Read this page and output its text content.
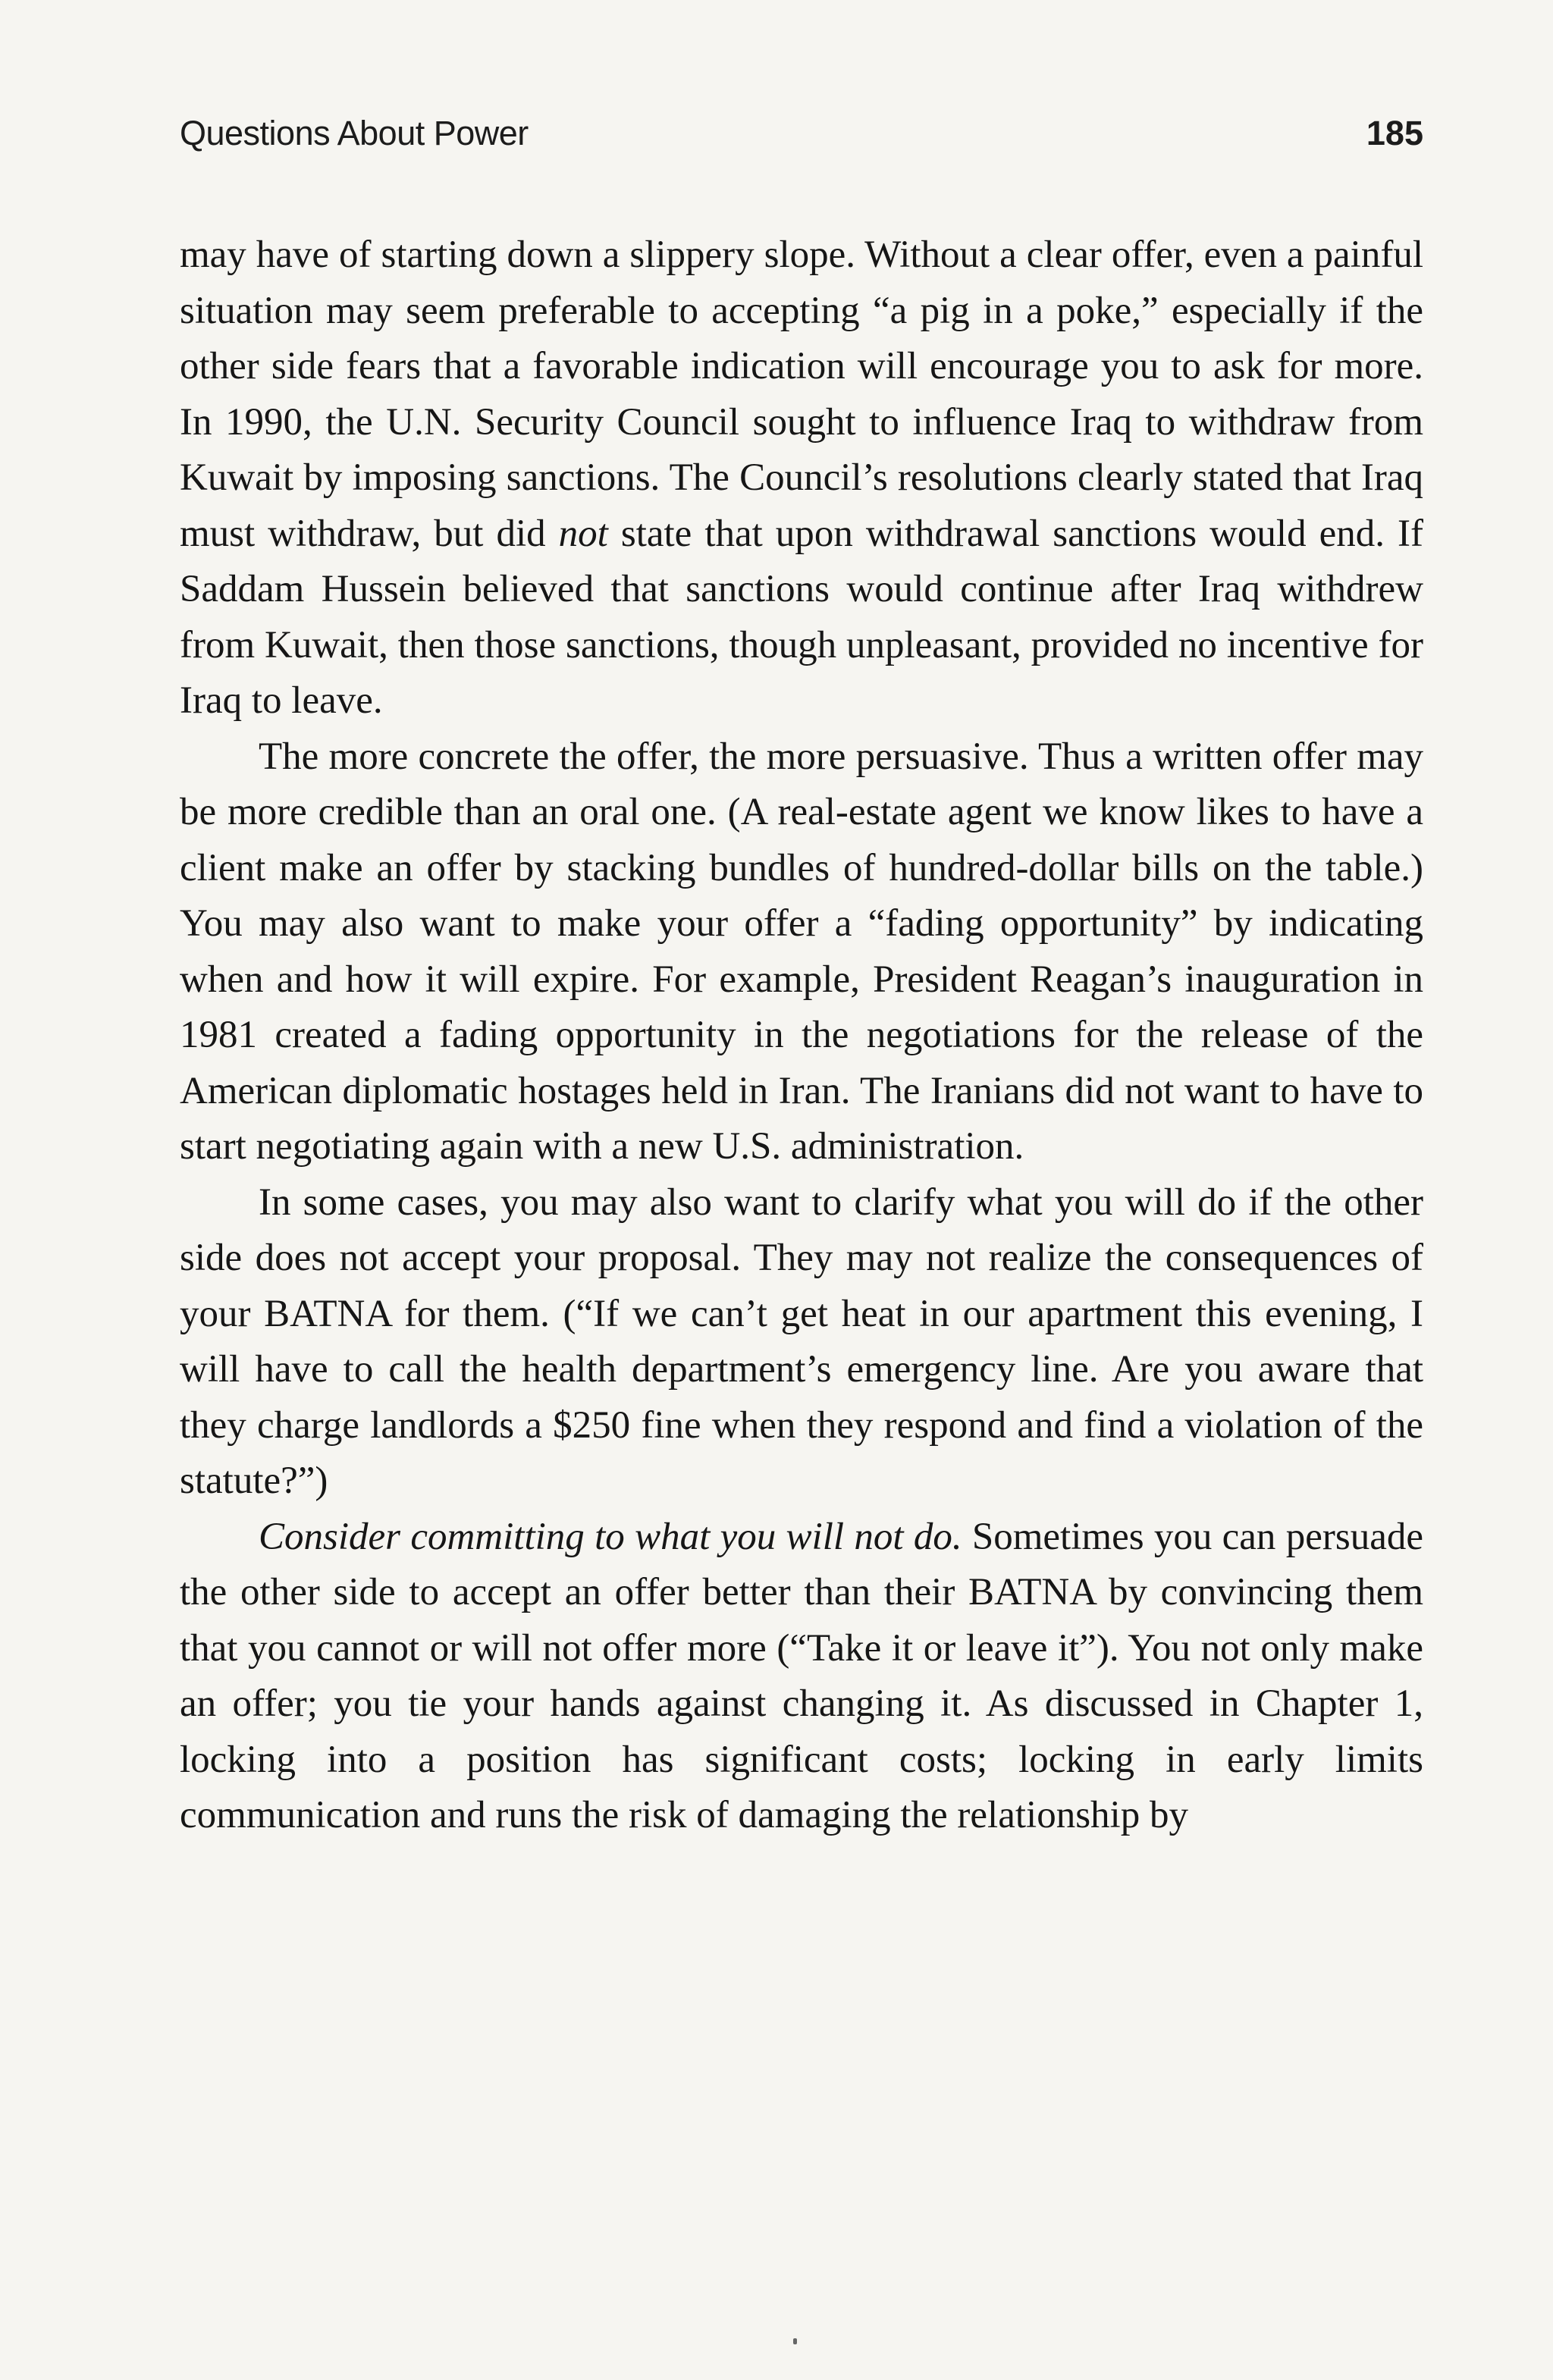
Questions About Power	185

may have of starting down a slippery slope. Without a clear offer, even a painful situation may seem preferable to accepting “a pig in a poke,” especially if the other side fears that a favorable indication will encourage you to ask for more. In 1990, the U.N. Security Council sought to influence Iraq to withdraw from Kuwait by imposing sanctions. The Council’s resolutions clearly stated that Iraq must withdraw, but did not state that upon withdrawal sanctions would end. If Saddam Hussein believed that sanctions would continue after Iraq withdrew from Kuwait, then those sanctions, though unpleasant, provided no incentive for Iraq to leave.

The more concrete the offer, the more persuasive. Thus a written offer may be more credible than an oral one. (A real-estate agent we know likes to have a client make an offer by stacking bundles of hundred-dollar bills on the table.) You may also want to make your offer a “fading opportunity” by indicating when and how it will expire. For example, President Reagan’s inauguration in 1981 created a fading opportunity in the negotiations for the release of the American diplomatic hostages held in Iran. The Iranians did not want to have to start negotiating again with a new U.S. administration.

In some cases, you may also want to clarify what you will do if the other side does not accept your proposal. They may not realize the consequences of your BATNA for them. (“If we can’t get heat in our apartment this evening, I will have to call the health department’s emergency line. Are you aware that they charge landlords a $250 fine when they respond and find a violation of the statute?”)

Consider committing to what you will not do. Sometimes you can persuade the other side to accept an offer better than their BATNA by convincing them that you cannot or will not offer more (“Take it or leave it”). You not only make an offer; you tie your hands against changing it. As discussed in Chapter 1, locking into a position has significant costs; locking in early limits communication and runs the risk of damaging the relationship by
